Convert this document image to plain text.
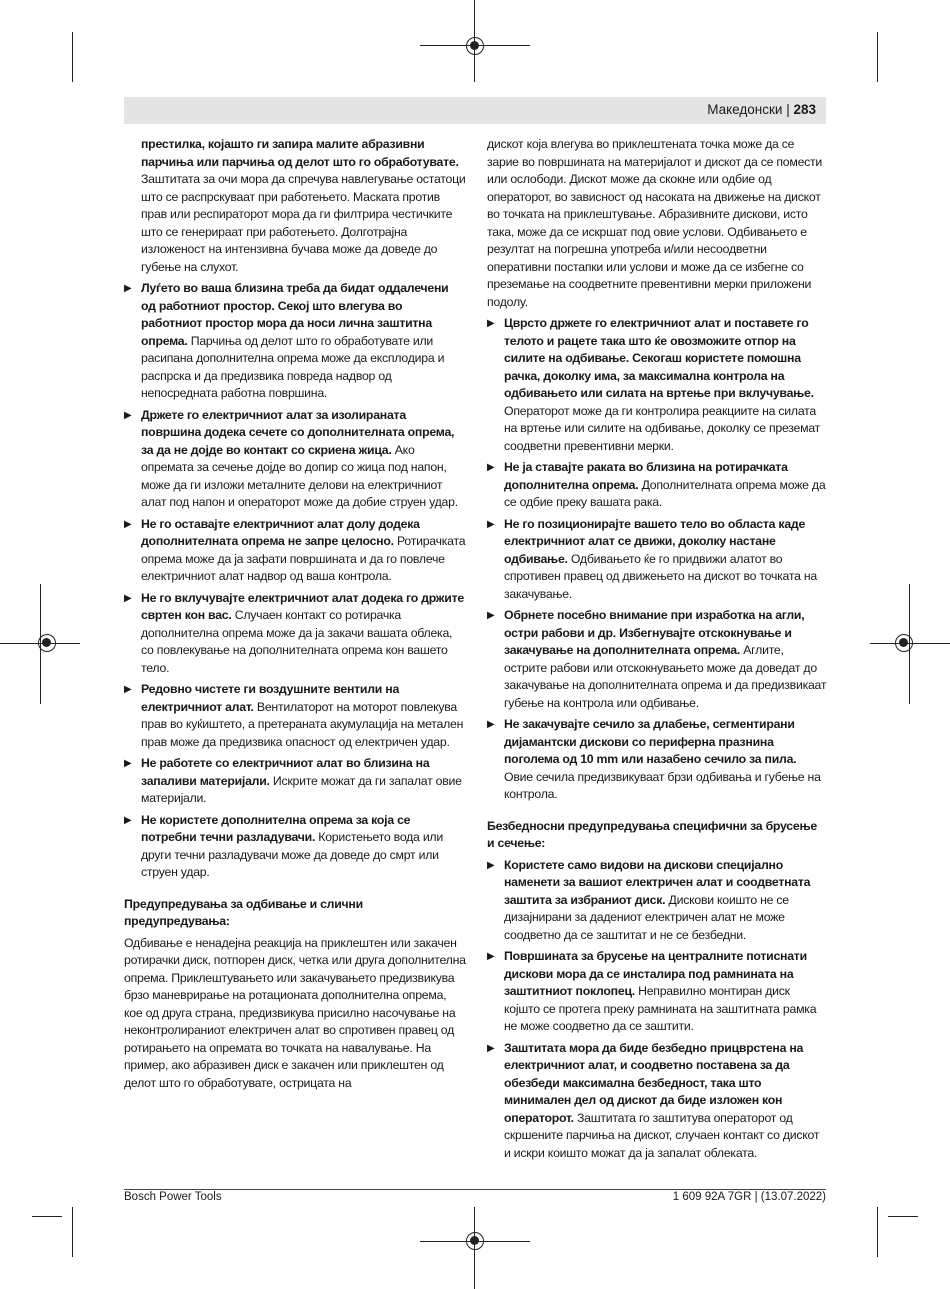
Македонски | 283

престилка, којашто ги запира малите абразивни парчиња или парчиња од делот што го обработувате. Заштитата за очи мора да спречува навлегување остатоци што се распрскуваат при работењето. Маската против прав или респираторот мора да ги филтрира честичките што се генерираат при работењето. Долготрајна изложеност на интензивна бучава може да доведе до губење на слухот.

▶ Луѓето во ваша близина треба да бидат оддалечени од работниот простор. Секој што влегува во работниот простор мора да носи лична заштитна опрема. Парчиња од делот што го обработувате или расипана дополнителна опрема може да експлодира и распрска и да предизвика повреда надвор од непосредната работна површина.
▶ Држете го електричниот алат за изолираната површина додека сечете со дополнителната опрема, за да не дојде во контакт со скриена жица. Ако опремата за сечење дојде во допир со жица под напон, може да ги изложи металните делови на електричниот алат под напон и операторот може да добие струен удар.
▶ Не го оставајте електричниот алат долу додека дополнителната опрема не запре целосно. Ротирачката опрема може да ја зафати површината и да го повлече електричниот алат надвор од ваша контрола.
▶ Не го вклучувајте електричниот алат додека го држите свртен кон вас. Случаен контакт со ротирачка дополнителна опрема може да ја закачи вашата облека, со повлекување на дополнителната опрема кон вашето тело.
▶ Редовно чистете ги воздушните вентили на електричниот алат. Вентилаторот на моторот повлекува прав во куќиштето, а претераната акумулација на метален прав може да предизвика опасност од електричен удар.
▶ Не работете со електричниот алат во близина на запаливи материјали. Искрите можат да ги запалат овие материјали.
▶ Не користете дополнителна опрема за која се потребни течни разладувачи. Користењето вода или други течни разладувачи може да доведе до смрт или струен удар.
Предупредувања за одбивање и слични предупредувања:

Одбивање е ненадејна реакција на приклештен или закачен ротирачки диск, потпорен диск, четка или друга дополнителна опрема. Приклештувањето или закачувањето предизвикува брзо маневрирање на ротационата дополнителна опрема, кое од друга страна, предизвикува присилно насочување на неконтролираниот електричен алат во спротивен правец од ротирањето на опремата во точката на навалување. На пример, ако абразивен диск е закачен или приклештен од делот што го обработувате, острицата на

дискот која влегува во приклештената точка може да се зарие во површината на материјалот и дискот да се помести или ослободи. Дискот може да скокне или одбие од операторот, во зависност од насоката на движење на дискот во точката на приклештување. Абразивните дискови, исто така, може да се искршат под овие услови. Одбивањето е резултат на погрешна употреба и/или несоодветни оперативни постапки или услови и може да се избегне со преземање на соодветните превентивни мерки приложени подолу.

▶ Цврсто држете го електричниот алат и поставете го телото и рацете така што ќе овозможите отпор на силите на одбивање. Секогаш користете помошна рачка, доколку има, за максимална контрола на одбивањето или силата на вртење при вклучување. Операторот може да ги контролира реакциите на силата на вртење или силите на одбивање, доколку се преземат соодветни превентивни мерки.
▶ Не ја ставајте раката во близина на ротирачката дополнителна опрема. Дополнителната опрема може да се одбие преку вашата рака.
▶ Не го позиционирајте вашето тело во областа каде електричниот алат се движи, доколку настане одбивање. Одбивањето ќе го придвижи алатот во спротивен правец од движењето на дискот во точката на закачување.
▶ Обрнете посебно внимание при изработка на агли, остри рабови и др. Избегнувајте отскокнување и закачување на дополнителната опрема. Аглите, острите рабови или отскокнувањето може да доведат до закачување на дополнителната опрема и да предизвикаат губење на контрола или одбивање.
▶ Не закачувајте сечило за длабење, сегментирани дијамантски дискови со периферна празнина поголема од 10 mm или назабено сечило за пила. Овие сечила предизвикуваат брзи одбивања и губење на контрола.
Безбедносни предупредувања специфични за брусење и сечење:
▶ Користете само видови на дискови специјално наменети за вашиот електричен алат и соодветната заштита за избраниот диск. Дискови коишто не се дизајнирани за дадениот електричен алат не може соодветно да се заштитат и не се безбедни.
▶ Површината за брусење на централните потиснати дискови мора да се инсталира под рамнината на заштитниот поклопец. Неправилно монтиран диск којшто се протега преку рамнината на заштитната рамка не може соодветно да се заштити.
▶ Заштитата мора да биде безбедно прицврстена на електричниот алат, и соодветно поставена за да обезбеди максимална безбедност, така што минимален дел од дискот да биде изложен кон операторот. Заштитата го заштитува операторот од скршените парчиња на дискот, случаен контакт со дискот и искри коишто можат да ја запалат облеката.
Bosch Power Tools	1 609 92A 7GR | (13.07.2022)
